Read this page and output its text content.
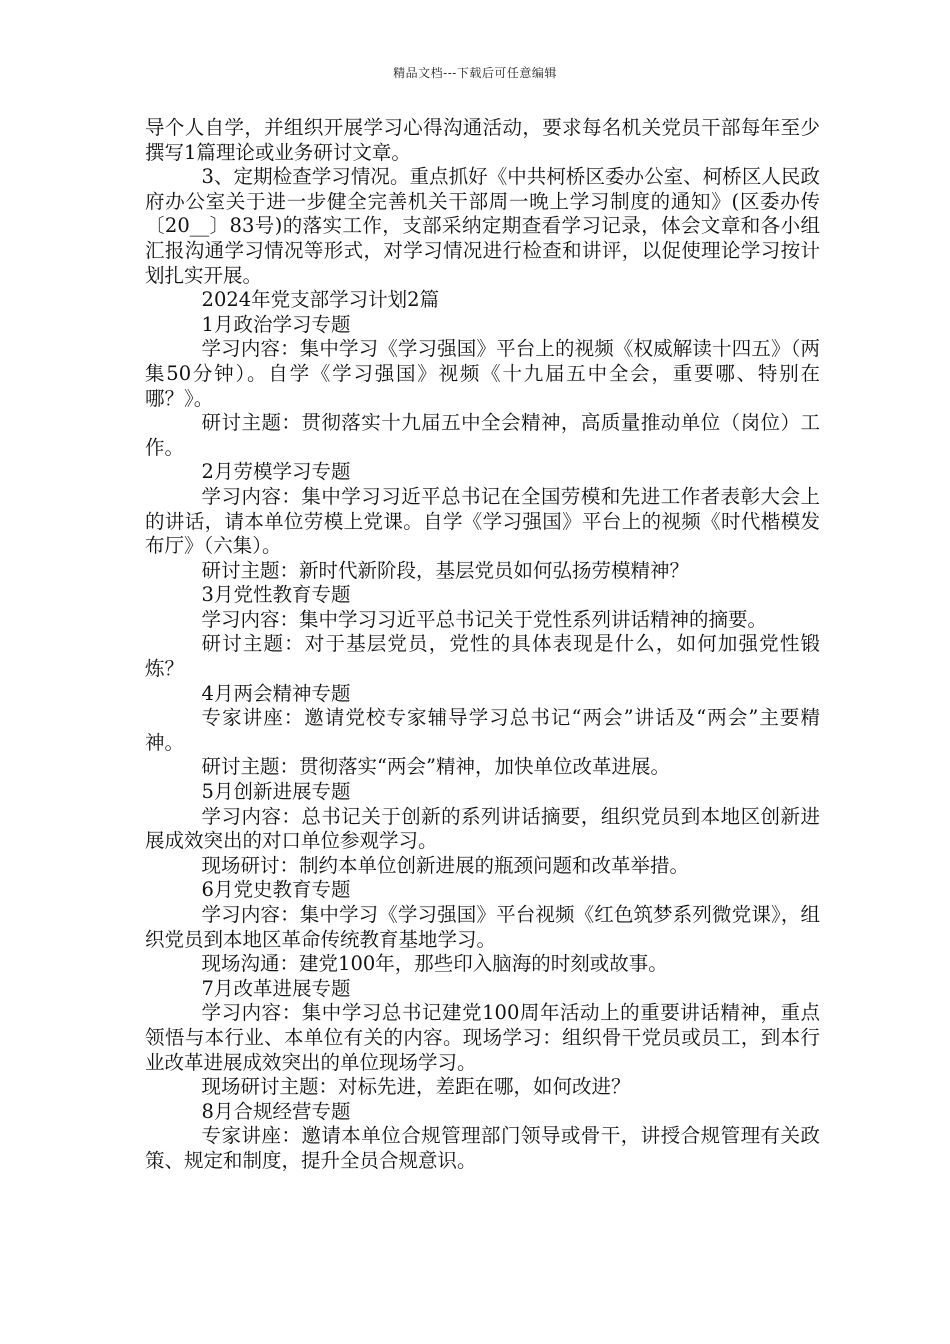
精品文档---下载后可任意编辑

导个人自学，并组织开展学习心得沟通活动，要求每名机关党员干部每年至少撰写1篇理论或业务研讨文章。

3、定期检查学习情况。重点抓好《中共柯桥区委办公室、柯桥区人民政府办公室关于进一步健全完善机关干部周一晚上学习制度的通知》(区委办传〔20__〕83号)的落实工作，支部采纳定期查看学习记录，体会文章和各小组汇报沟通学习情况等形式，对学习情况进行检查和讲评，以促使理论学习按计划扎实开展。

2024年党支部学习计划2篇

1月政治学习专题

学习内容：集中学习《学习强国》平台上的视频《权威解读十四五》（两集50分钟）。自学《学习强国》视频《十九届五中全会，重要哪、特别在哪？》。

研讨主题：贯彻落实十九届五中全会精神，高质量推动单位（岗位）工作。

2月劳模学习专题

学习内容：集中学习习近平总书记在全国劳模和先进工作者表彰大会上的讲话，请本单位劳模上党课。自学《学习强国》平台上的视频《时代楷模发布厅》（六集）。

研讨主题：新时代新阶段，基层党员如何弘扬劳模精神？

3月党性教育专题

学习内容：集中学习习近平总书记关于党性系列讲话精神的摘要。

研讨主题：对于基层党员，党性的具体表现是什么，如何加强党性锻炼？

4月两会精神专题

专家讲座：邀请党校专家辅导学习总书记“两会”讲话及“两会”主要精神。

研讨主题：贯彻落实“两会”精神，加快单位改革进展。

5月创新进展专题

学习内容：总书记关于创新的系列讲话摘要，组织党员到本地区创新进展成效突出的对口单位参观学习。

现场研讨：制约本单位创新进展的瓶颈问题和改革举措。

6月党史教育专题

学习内容：集中学习《学习强国》平台视频《红色筑梦系列微党课》，组织党员到本地区革命传统教育基地学习。

现场沟通：建党100年，那些印入脑海的时刻或故事。

7月改革进展专题

学习内容：集中学习总书记建党100周年活动上的重要讲话精神，重点领悟与本行业、本单位有关的内容。现场学习：组织骨干党员或员工，到本行业改革进展成效突出的单位现场学习。

现场研讨主题：对标先进，差距在哪，如何改进？

8月合规经营专题

专家讲座：邀请本单位合规管理部门领导或骨干，讲授合规管理有关政策、规定和制度，提升全员合规意识。
